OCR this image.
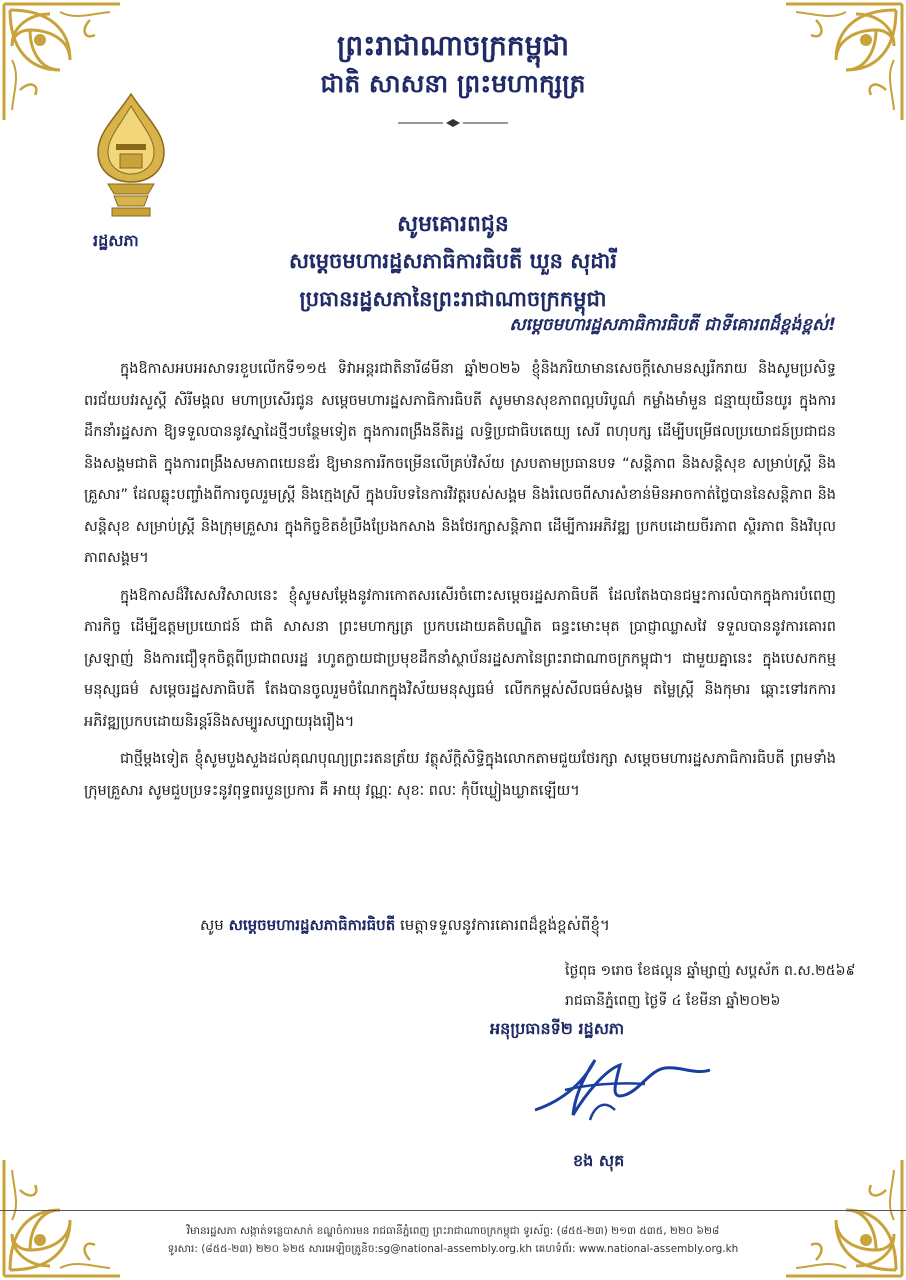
ព្រះរាជាណាចក្រកម្ពុជា
ជាតិ សាសនា ព្រះមហាក្សត្រ
រដ្ឋសភា
សូមគោរពជូន
សម្តេចមហារដ្ឋសភាធិការធិបតី ឃួន សុដារី
ប្រធានរដ្ឋសភានៃព្រះរាជាណាចក្រកម្ពុជា
សម្តេចមហារដ្ឋសភាធិការធិបតី ជាទីគោរពដ៏ខ្ពង់ខ្ពស់!

ក្នុងឱកាសអបអរសាទរខួបលើកទី១១៥ ទិវាអន្តរជាតិនារី៨មីនា ឆ្នាំ២០២៦ ខ្ញុំនិងភរិយាមានសេចក្តីសោមនស្សរីករាយ និងសូមប្រសិទ្ធពរជ័យបវរសួស្តី សិរីមង្គល មហាប្រសើរជូន សម្តេចមហារដ្ឋសភាធិការធិបតី សូមមានសុខភាពល្អបរិបូណ៌ កម្លាំងមាំមួន ជន្មាយុយឺនយូរ ក្នុងការដឹកនាំរដ្ឋសភា ឱ្យទទួលបាននូវស្នាដៃថ្មីៗបន្ថែមទៀត ក្នុងការពង្រឹងនីតិរដ្ឋ លទ្ធិប្រជាធិបតេយ្យ សេរី ពហុបក្ស ដើម្បីបម្រើផលប្រយោជន៍ប្រជាជន និងសង្គមជាតិ ក្នុងការពង្រឹងសមភាពយេនឌ័រ ឱ្យមានការរីកចម្រើនលើគ្រប់វិស័យ ស្របតាមប្រធានបទ “សន្តិភាព និងសន្តិសុខ សម្រាប់ស្ត្រី និងគ្រួសារ” ដែលឆ្លុះបញ្ចាំងពីការចូលរួមស្ត្រី និងក្មេងស្រី ក្នុងបរិបទនៃការវិវត្តរបស់សង្គម និងរំលេចពីសារសំខាន់មិនអាចកាត់ថ្លៃបាននៃសន្តិភាព និងសន្តិសុខ សម្រាប់ស្ត្រី និងក្រុមគ្រួសារ ក្នុងកិច្ចខិតខំប្រឹងប្រែងកសាង និងថែរក្សាសន្តិភាព ដើម្បីការអភិវឌ្ឍ ប្រកបដោយចីរភាព ស្ថិរភាព និងវិបុលភាពសង្គម។

ក្នុងឱកាសដ៏វិសេសវិសាលនេះ ខ្ញុំសូមសម្តែងនូវការកោតសរសើរចំពោះសម្តេចរដ្ឋសភាធិបតី ដែលតែងបានជម្នះការលំបាកក្នុងការបំពេញភារកិច្ច ដើម្បីឧត្តមប្រយោជន៍ ជាតិ សាសនា ព្រះមហាក្សត្រ ប្រកបដោយគតិបណ្ឌិត ធន្ធះមោះមុត ប្រាជ្ញាឈ្លាសវៃ ទទួលបាននូវការគោរពស្រឡាញ់ និងការជឿទុកចិត្តពីប្រជាពលរដ្ឋ រហូតក្លាយជាប្រមុខដឹកនាំស្ថាប័នរដ្ឋសភានៃព្រះរាជាណាចក្រកម្ពុជា។ ជាមួយគ្នានេះ ក្នុងបេសកកម្មមនុស្សធម៌ សម្តេចរដ្ឋសភាធិបតី តែងបានចូលរួមចំណែកក្នុងវិស័យមនុស្សធម៌ លើកកម្ពស់សីលធម៌សង្គម តម្លៃស្ត្រី និងកុមារ ឆ្ពោះទៅរកការអភិវឌ្ឍប្រកបដោយនិរន្តរ៍និងសម្បូរសប្បាយរុងរឿង។

ជាថ្មីម្តងទៀត ខ្ញុំសូមបួងសួងដល់គុណបុណ្យព្រះរតនត្រ័យ វត្ថុស័ក្តិសិទ្ធិក្នុងលោកតាមជួយថែរក្សា សម្តេចមហារដ្ឋសភាធិការធិបតី ព្រមទាំងក្រុមគ្រួសារ សូមជួបប្រទះនូវពុទ្ធពរបួនប្រការ គឺ អាយុ វណ្ណៈ សុខៈ ពលៈ កុំបីឃ្លៀងឃ្លាតឡើយ។

សូម សម្តេចមហារដ្ឋសភាធិការធិបតី មេត្តាទទួលនូវការគោរពដ៏ខ្ពង់ខ្ពស់ពីខ្ញុំ។
ថ្ងៃពុធ ១រោច ខែផល្គុន ឆ្នាំម្សាញ់ សប្តស័ក ព.ស.២៥៦៩
រាជធានីភ្នំពេញ ថ្ងៃទី ៤ ខែមីនា ឆ្នាំ២០២៦
អនុប្រធានទី២ រដ្ឋសភា
ខង សុគ
វិមានរដ្ឋសភា សង្កាត់ទន្លេបាសាក់ ខណ្ឌចំការមន រាជធានីភ្នំពេញ ព្រះរាជាណាចក្រកម្ពុជា ទូរស័ព្ទ: (៨៥៥-២៣) ២១៣ ៥៣៥, ២២០ ៦២៨
ទូរសារ: (៨៥៥-២៣) ២២០ ៦២៥ សារអេឡិចត្រូនិច:sg@national-assembly.org.kh គេហទំព័រ: www.national-assembly.org.kh
